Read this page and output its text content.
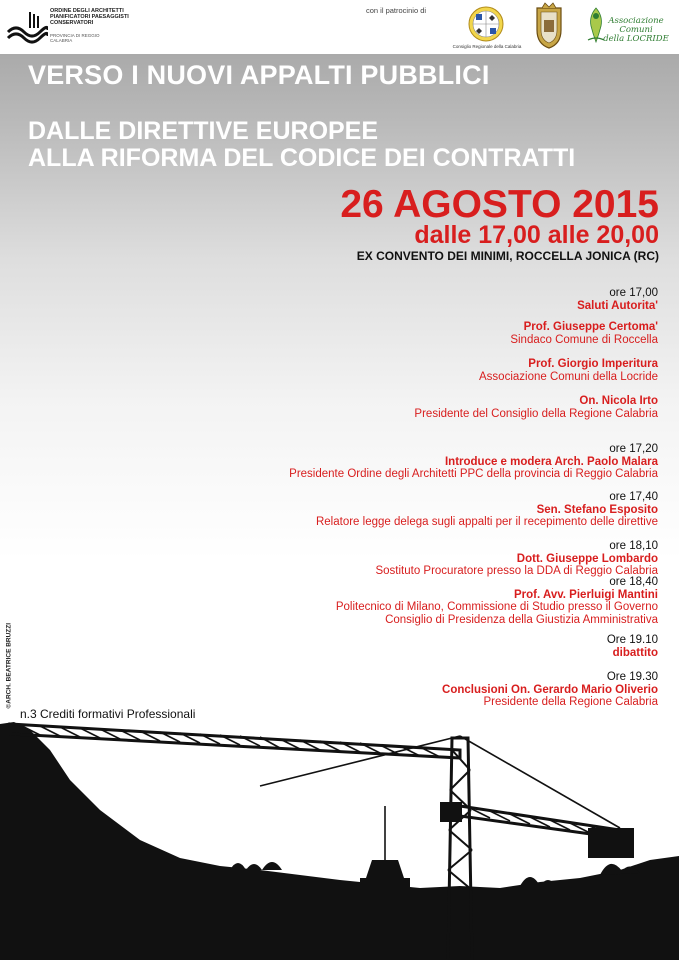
ORDINE DEGLI ARCHITETTI PIANIFICATORI PAESAGGISTI CONSERVATORI
PROVINCIA DI REGGIO CALABRIA
con il patrocinio di
Consiglio Regionale della Calabria
Associazione Comuni
della LOCRIDE
VERSO I NUOVI APPALTI PUBBLICI
DALLE DIRETTIVE EUROPEE
ALLA RIFORMA DEL CODICE DEI CONTRATTI
26 AGOSTO 2015
dalle 17,00 alle 20,00
EX CONVENTO DEI MINIMI, ROCCELLA JONICA (RC)
ore 17,00
Saluti Autorita'
Prof. Giuseppe Certoma'
Sindaco Comune di Roccella
Prof. Giorgio Imperitura
Associazione Comuni della Locride
On. Nicola Irto
Presidente del Consiglio della Regione Calabria
ore 17,20
Introduce e modera Arch. Paolo Malara
Presidente Ordine degli Architetti PPC della provincia di Reggio Calabria
ore 17,40
Sen. Stefano Esposito
Relatore legge delega sugli appalti per il recepimento delle direttive
ore 18,10
Dott. Giuseppe Lombardo
Sostituto Procuratore presso la DDA di Reggio Calabria
ore 18,40
Prof. Avv. Pierluigi Mantini
Politecnico di Milano, Commissione di Studio presso il Governo
Consiglio di Presidenza della Giustizia Amministrativa
Ore 19.10
dibattito
Ore 19.30
Conclusioni On. Gerardo Mario Oliverio
Presidente della Regione Calabria
©ARCH. BEATRICE BRUZZI
n.3 Crediti formativi Professionali
